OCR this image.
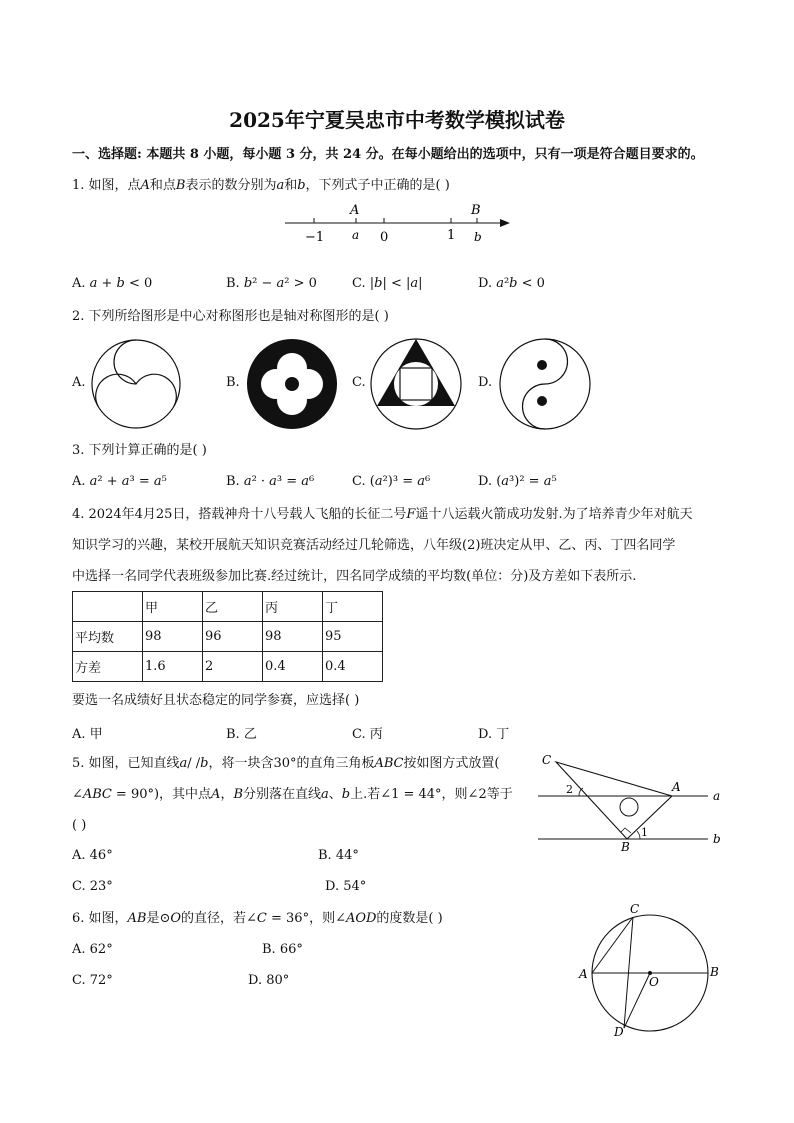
2025年宁夏吴忠市中考数学模拟试卷
一、选择题: 本题共 8 小题，每小题 3 分，共 24 分。在每小题给出的选项中，只有一项是符合题目要求的。
1. 如图，点𝐴和点𝐵表示的数分别为𝑎和𝑏，下列式子中正确的是( )
A	B
−1 a 0	1 b
A. 𝑎 + 𝑏 < 0	B. 𝑏² − 𝑎² > 0	C. |𝑏| < |𝑎|	D. 𝑎²𝑏 < 0
2. 下列所给图形是中心对称图形也是轴对称图形的是( )
A.	B.	C.	D.
3. 下列计算正确的是( )
A. 𝑎² + 𝑎³ = 𝑎⁵	B. 𝑎² · 𝑎³ = 𝑎⁶	C. (𝑎²)³ = 𝑎⁶	D. (𝑎³)² = 𝑎⁵
4. 2024年4月25日，搭载神舟十八号载人飞船的长征二号𝐹遥十八运载火箭成功发射.为了培养青少年对航天
知识学习的兴趣，某校开展航天知识竞赛活动经过几轮筛选，八年级(2)班决定从甲、乙、丙、丁四名同学
中选择一名同学代表班级参加比赛.经过统计，四名同学成绩的平均数(单位：分)及方差如下表所示.
	甲	乙	丙	丁
平均数	98	96	98	95
方差	1.6	2	0.4	0.4
要选一名成绩好且状态稳定的同学参赛，应选择( )
A. 甲	B. 乙	C. 丙	D. 丁
5. 如图，已知直线𝑎/ /𝑏，将一块含30°的直角三角板𝐴𝐵𝐶按如图方式放置(
∠𝐴𝐵𝐶 = 90°)，其中点𝐴，𝐵分别落在直线𝑎、𝑏上.若∠1 = 44°，则∠2等于
( )
A. 46°	B. 44°
C. 23°	D. 54°
C
A
B
a
b
1
2
6. 如图，𝐴𝐵是⊙𝑂的直径，若∠𝐶 = 36°，则∠𝐴𝑂𝐷的度数是( )
A. 62°	B. 66°
C. 72°	D. 80°
C
A	B
O
D
